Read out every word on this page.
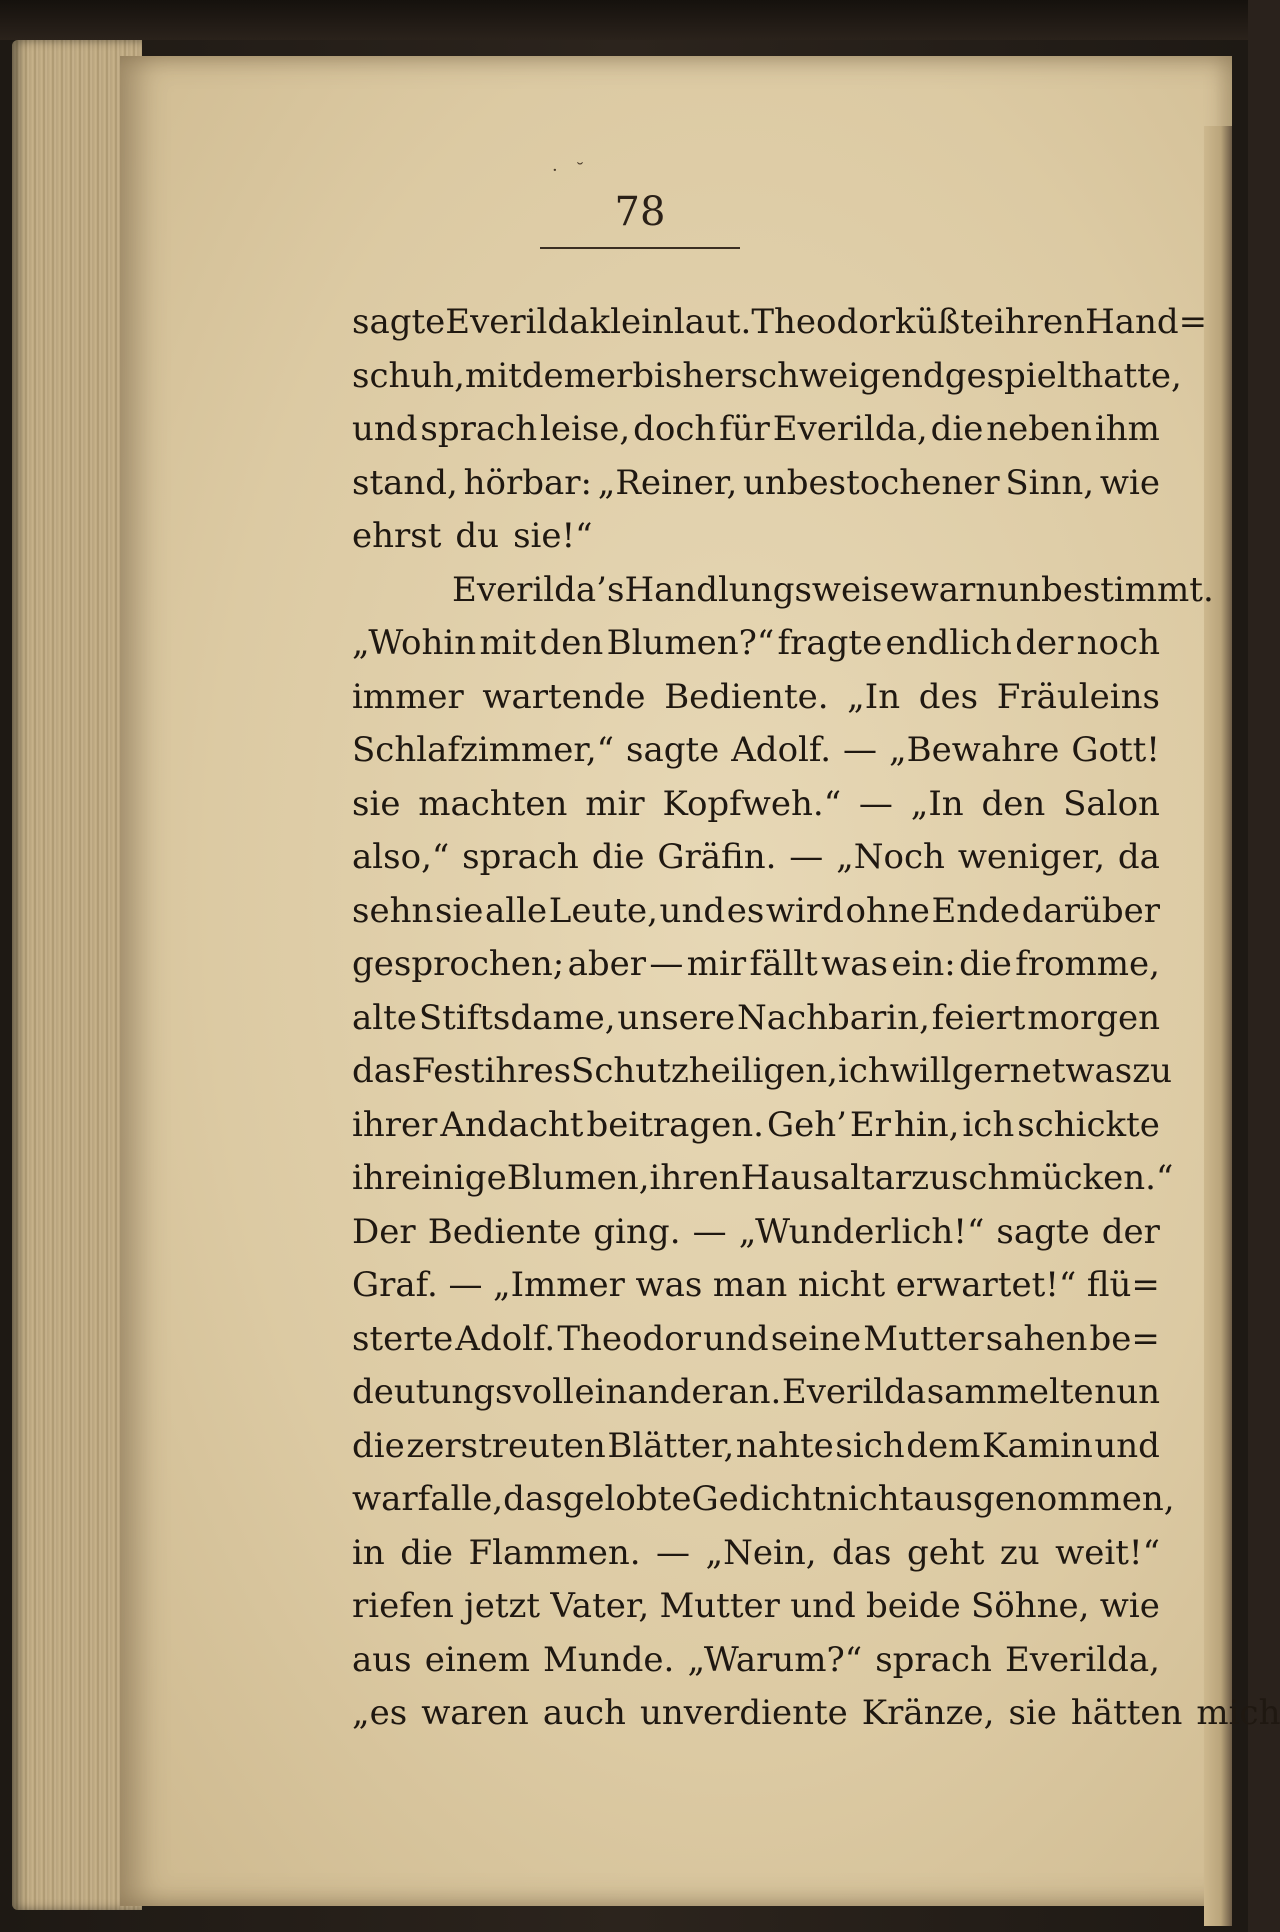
· ˘
78
sagte Everilda kleinlaut. Theodor küßte ihren Hand=
schuh, mit dem er bisher schweigend gespielt hatte,
und sprach leise, doch für Everilda, die neben ihm
stand, hörbar: „Reiner, unbestochener Sinn, wie
ehrst du sie!“
Everilda’s Handlungsweise war nun bestimmt.
„Wohin mit den Blumen?“ fragte endlich der noch
immer wartende Bediente. „In des Fräuleins
Schlafzimmer,“ sagte Adolf. — „Bewahre Gott!
sie machten mir Kopfweh.“ — „In den Salon
also,“ sprach die Gräfin. — „Noch weniger, da
sehn sie alle Leute, und es wird ohne Ende darüber
gesprochen; aber — mir fällt was ein: die fromme,
alte Stiftsdame, unsere Nachbarin, feiert morgen
das Fest ihres Schutzheiligen, ich will gern etwas zu
ihrer Andacht beitragen. Geh’ Er hin, ich schickte
ihr einige Blumen, ihren Hausaltar zu schmücken.“
Der Bediente ging. — „Wunderlich!“ sagte der
Graf. — „Immer was man nicht erwartet!“ flü=
sterte Adolf. Theodor und seine Mutter sahen be=
deutungsvoll einander an. Everilda sammelte nun
die zerstreuten Blätter, nahte sich dem Kamin und
warf alle, das gelobte Gedicht nicht ausgenommen,
in die Flammen. — „Nein, das geht zu weit!“
riefen jetzt Vater, Mutter und beide Söhne, wie
aus einem Munde. „Warum?“ sprach Everilda,
„es waren auch unverdiente Kränze, sie hätten mich
